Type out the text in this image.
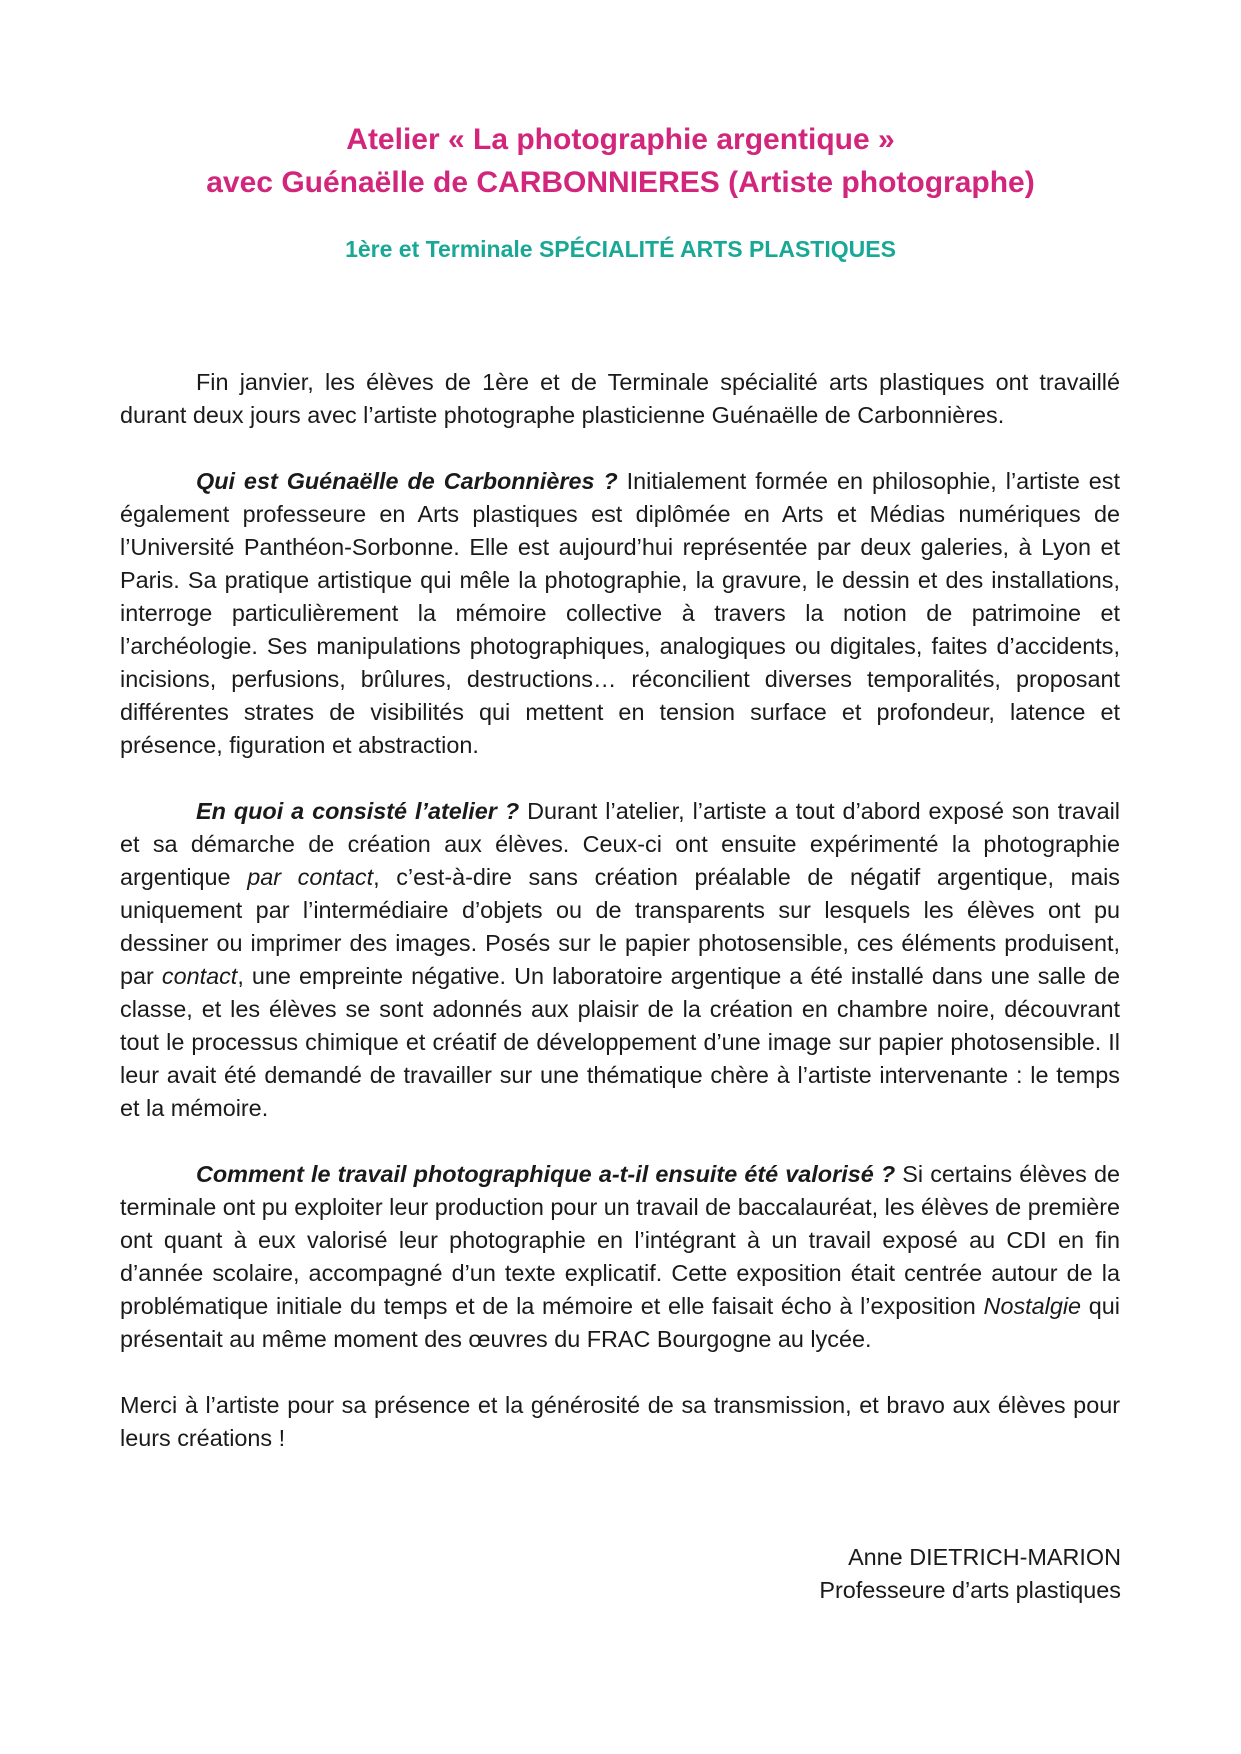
Atelier « La photographie argentique »

avec Guénaëlle de CARBONNIERES (Artiste photographe)

1ère et Terminale SPÉCIALITÉ ARTS PLASTIQUES

Fin janvier, les élèves de 1ère et de Terminale spécialité arts plastiques ont travaillé durant deux jours avec l’artiste photographe plasticienne Guénaëlle de Carbonnières.

Qui est Guénaëlle de Carbonnières ? Initialement formée en philosophie, l’artiste est également professeure en Arts plastiques est diplômée en Arts et Médias numériques de l’Université Panthéon-Sorbonne. Elle est aujourd’hui représentée par deux galeries, à Lyon et Paris. Sa pratique artistique qui mêle la photographie, la gravure, le dessin et des installations, interroge particulièrement la mémoire collective à travers la notion de patrimoine et l’archéologie. Ses manipulations photographiques, analogiques ou digitales, faites d’accidents, incisions, perfusions, brûlures, destructions… réconcilient diverses temporalités, proposant différentes strates de visibilités qui mettent en tension surface et profondeur, latence et présence, figuration et abstraction.

En quoi a consisté l’atelier ? Durant l’atelier, l’artiste a tout d’abord exposé son travail et sa démarche de création aux élèves. Ceux-ci ont ensuite expérimenté la photographie argentique par contact, c’est-à-dire sans création préalable de négatif argentique, mais uniquement par l’intermédiaire d’objets ou de transparents sur lesquels les élèves ont pu dessiner ou imprimer des images. Posés sur le papier photosensible, ces éléments produisent, par contact, une empreinte négative. Un laboratoire argentique a été installé dans une salle de classe, et les élèves se sont adonnés aux plaisir de la création en chambre noire, découvrant tout le processus chimique et créatif de développement d’une image sur papier photosensible. Il leur avait été demandé de travailler sur une thématique chère à l’artiste intervenante : le temps et la mémoire.

Comment le travail photographique a-t-il ensuite été valorisé ? Si certains élèves de terminale ont pu exploiter leur production pour un travail de baccalauréat, les élèves de première ont quant à eux valorisé leur photographie en l’intégrant à un travail exposé au CDI en fin d’année scolaire, accompagné d’un texte explicatif. Cette exposition était centrée autour de la problématique initiale du temps et de la mémoire et elle faisait écho à l’exposition Nostalgie qui présentait au même moment des œuvres du FRAC Bourgogne au lycée.

Merci à l’artiste pour sa présence et la générosité de sa transmission, et bravo aux élèves pour leurs créations !

Anne DIETRICH-MARION
Professeure d’arts plastiques
